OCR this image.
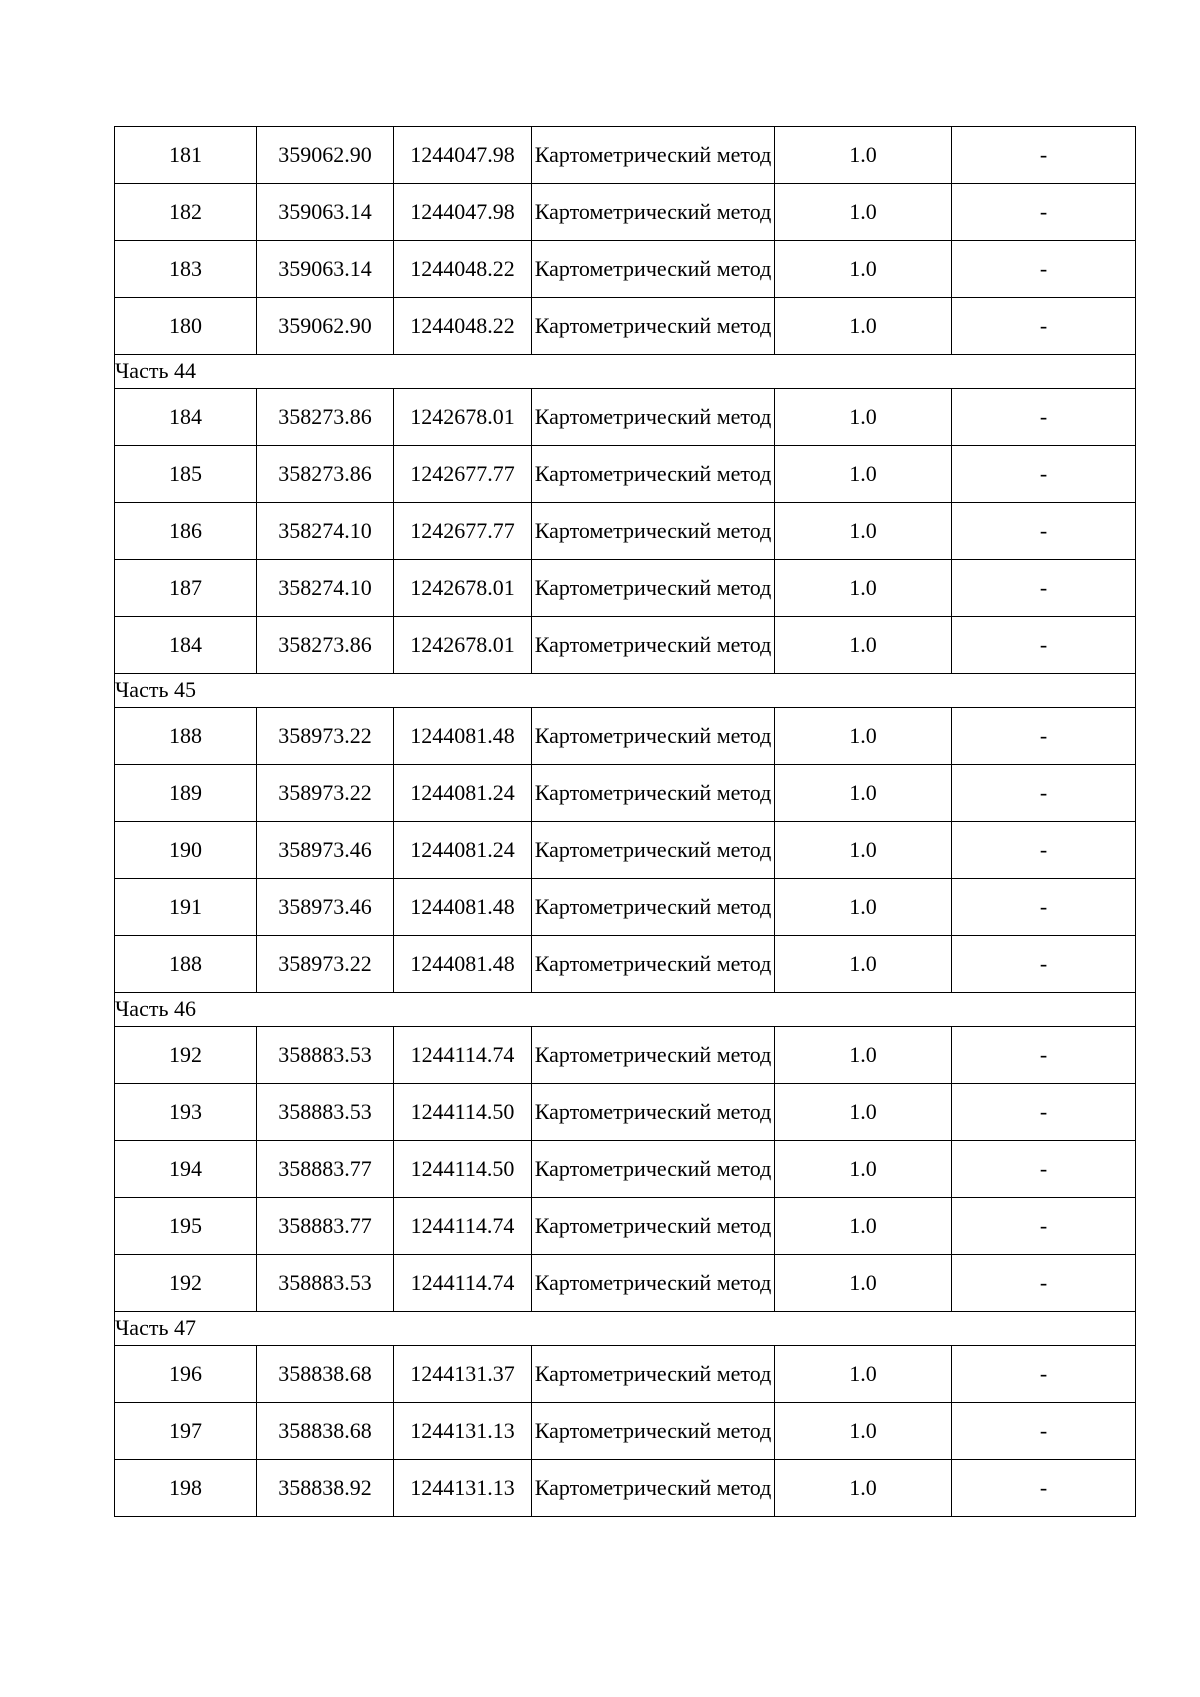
181	359062.90	1244047.98	Картометрический метод	1.0	-
182	359063.14	1244047.98	Картометрический метод	1.0	-
183	359063.14	1244048.22	Картометрический метод	1.0	-
180	359062.90	1244048.22	Картометрический метод	1.0	-
Часть 44					
184	358273.86	1242678.01	Картометрический метод	1.0	-
185	358273.86	1242677.77	Картометрический метод	1.0	-
186	358274.10	1242677.77	Картометрический метод	1.0	-
187	358274.10	1242678.01	Картометрический метод	1.0	-
184	358273.86	1242678.01	Картометрический метод	1.0	-
Часть 45					
188	358973.22	1244081.48	Картометрический метод	1.0	-
189	358973.22	1244081.24	Картометрический метод	1.0	-
190	358973.46	1244081.24	Картометрический метод	1.0	-
191	358973.46	1244081.48	Картометрический метод	1.0	-
188	358973.22	1244081.48	Картометрический метод	1.0	-
Часть 46					
192	358883.53	1244114.74	Картометрический метод	1.0	-
193	358883.53	1244114.50	Картометрический метод	1.0	-
194	358883.77	1244114.50	Картометрический метод	1.0	-
195	358883.77	1244114.74	Картометрический метод	1.0	-
192	358883.53	1244114.74	Картометрический метод	1.0	-
Часть 47					
196	358838.68	1244131.37	Картометрический метод	1.0	-
197	358838.68	1244131.13	Картометрический метод	1.0	-
198	358838.92	1244131.13	Картометрический метод	1.0	-
